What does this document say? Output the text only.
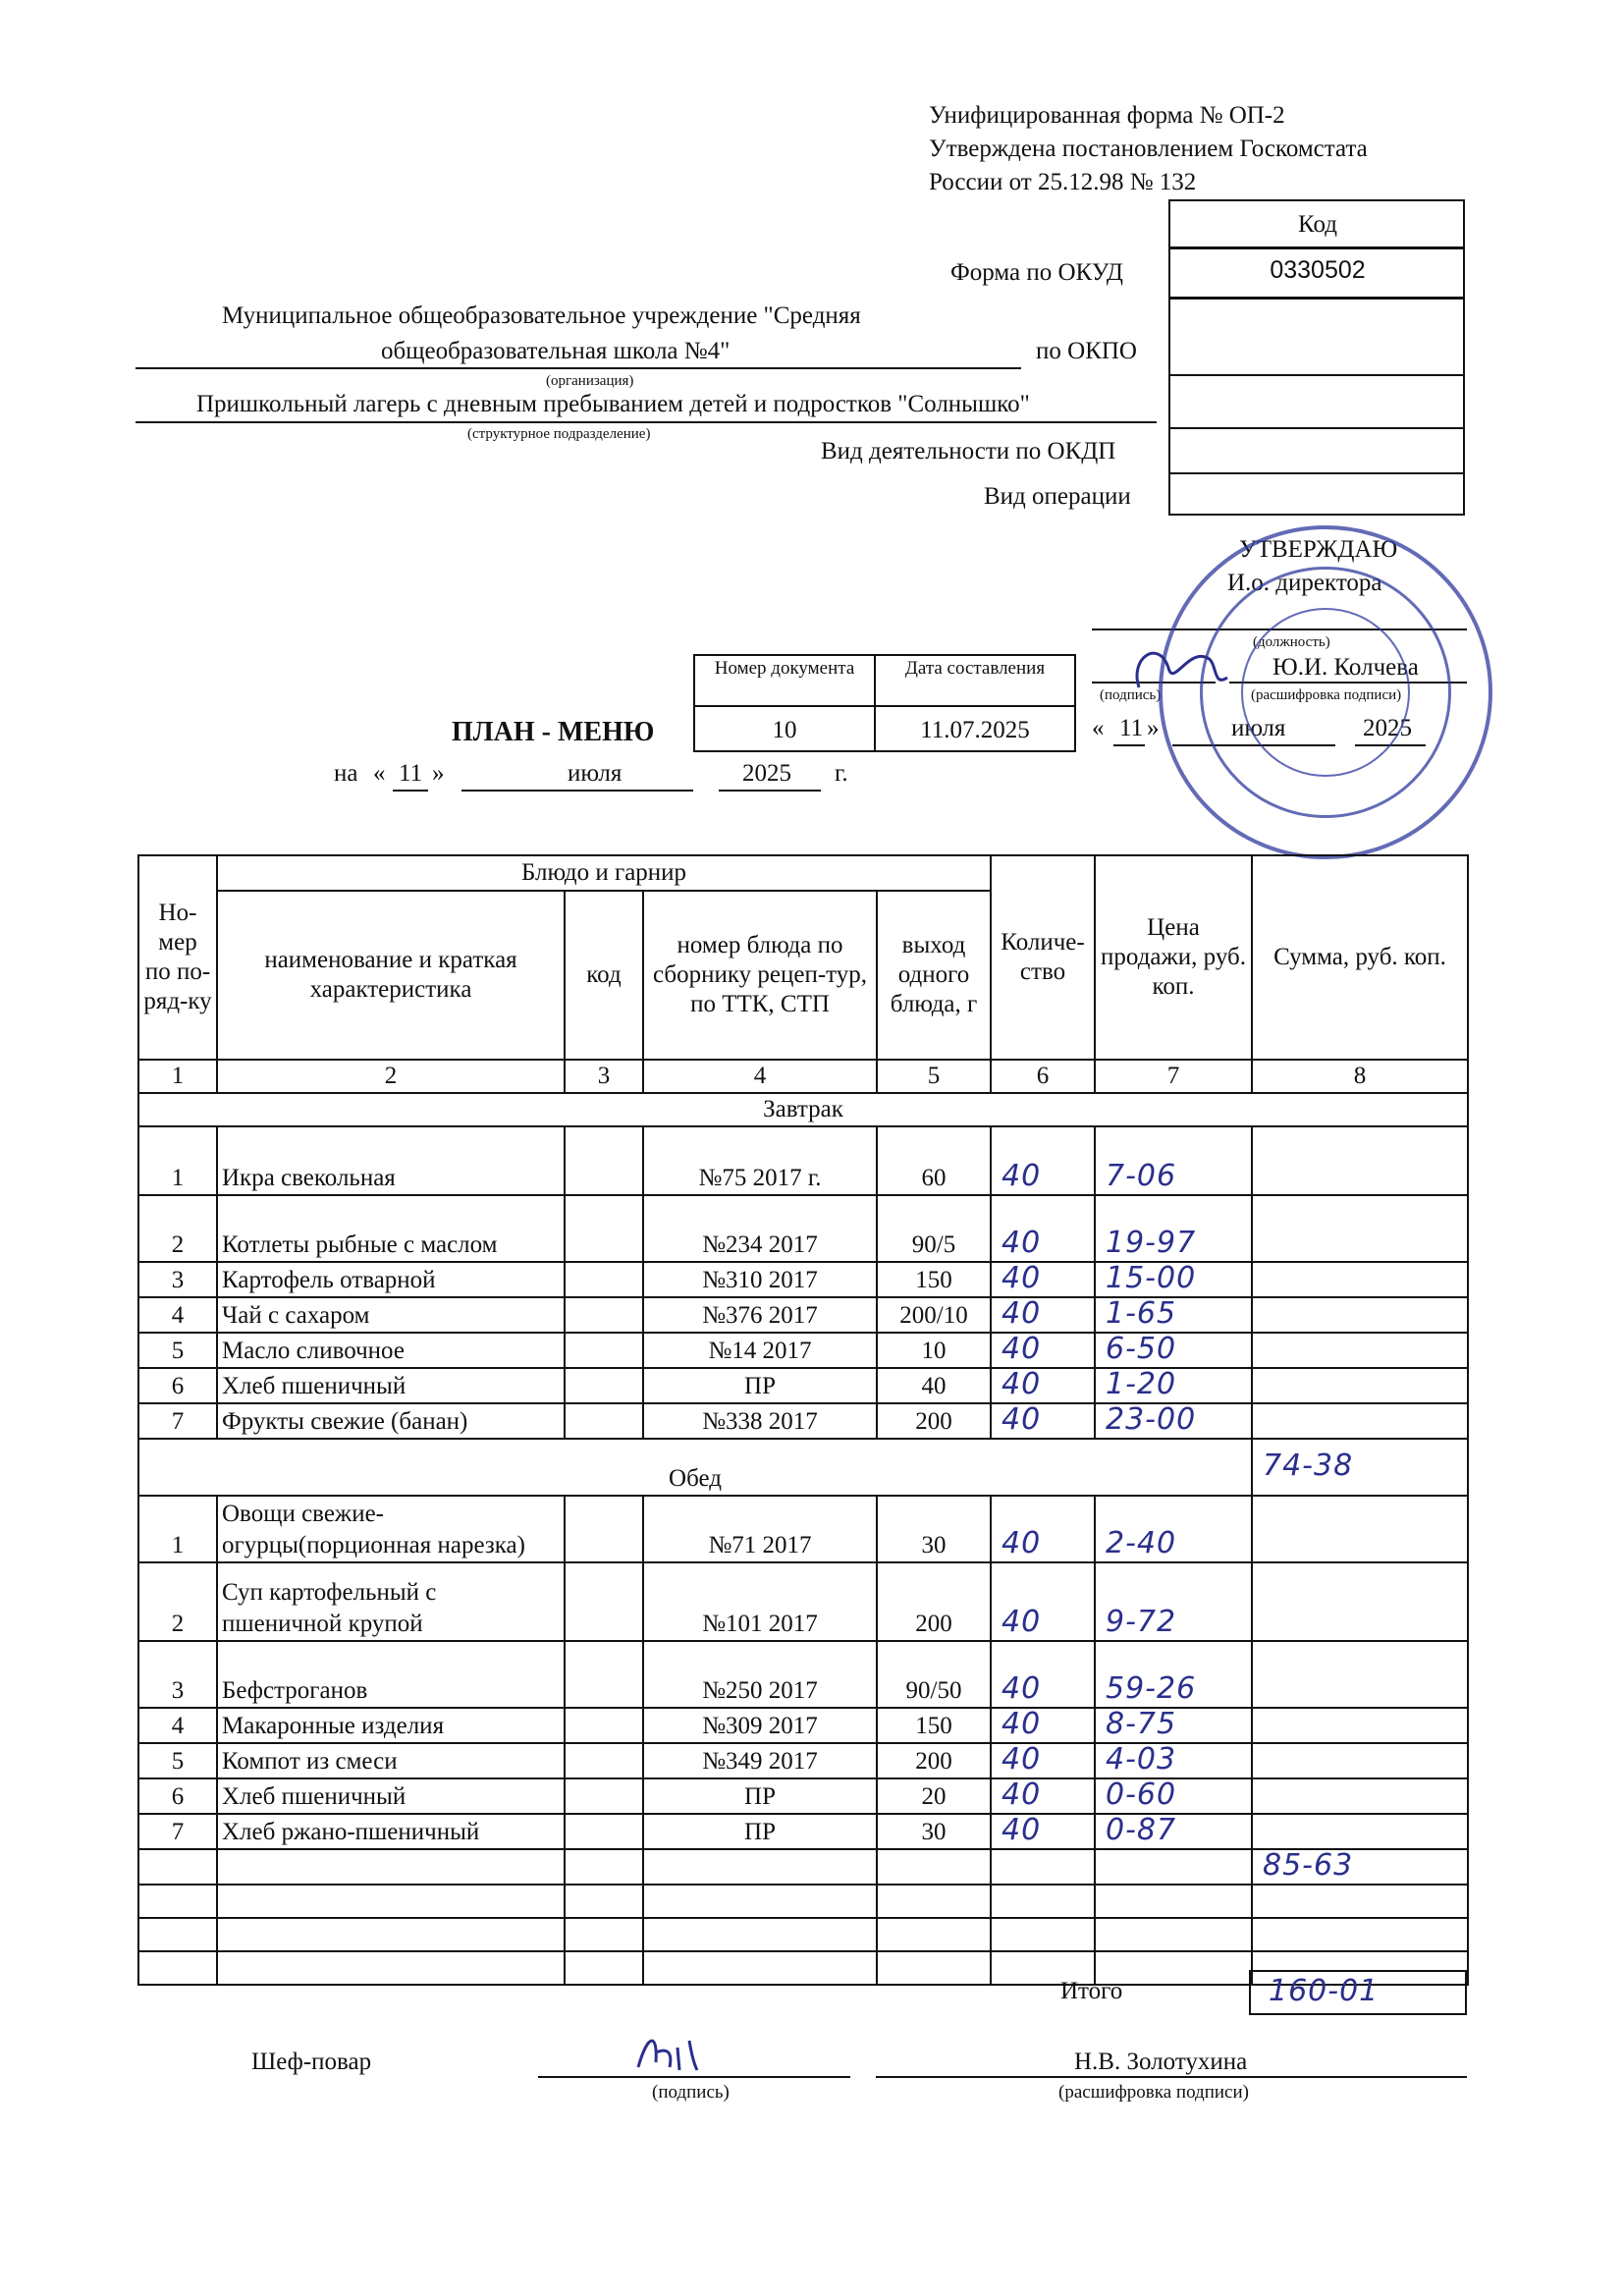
Унифицированная форма № ОП-2
Утверждена постановлением Госкомстата
России от 25.12.98 № 132
Код
0330502
Форма по ОКУД
Муниципальное общеобразовательное учреждение "Средняя
общеобразовательная школа №4"
(организация)
по ОКПО
Пришкольный лагерь с дневным пребыванием детей и подростков "Солнышко"
(структурное подразделение)
Вид деятельности по ОКДП
Вид операции
УТВЕРЖДАЮ
И.о. директора
(должность)
Ю.И. Колчева
(подпись)	(расшифровка подписи)
« 11 »	июля	2025
Номер документа	Дата составления
10	11.07.2025
ПЛАН - МЕНЮ
на « 11 »	июля	2025 г.
Но-мер по по-ряд-ку	Блюдо и гарнир				Количе-ство	Цена продажи, руб. коп.	Сумма, руб. коп.
	наименование и краткая характеристика	код	номер блюда по сборнику рецеп-тур, по ТТК, СТП	выход одного блюда, г			
1	2	3	4	5	6	7	8
Завтрак							
1	Икра свекольная		№75 2017 г.	60	40	7-06	
2	Котлеты рыбные с маслом		№234 2017	90/5	40	19-97	
3	Картофель отварной		№310 2017	150	40	15-00	
4	Чай с сахаром		№376 2017	200/10	40	1-65	
5	Масло сливочное		№14 2017	10	40	6-50	
6	Хлеб пшеничный		ПР	40	40	1-20	
7	Фрукты свежие (банан)		№338 2017	200	40	23-00	
Обед							74-38
1	Овощи свежие-
огурцы(порционная нарезка)		№71 2017	30	40	2-40	
2	Суп картофельный с
пшеничной крупой		№101 2017	200	40	9-72	
3	Бефстроганов		№250 2017	90/50	40	59-26	
4	Макаронные изделия		№309 2017	150	40	8-75	
5	Компот из смеси		№349 2017	200	40	4-03	
6	Хлеб пшеничный		ПР	20	40	0-60	
7	Хлеб ржано-пшеничный		ПР	30	40	0-87	
							85-63

Итого	160-01
Шеф-повар
(подпись)
Н.В. Золотухина
(расшифровка подписи)
